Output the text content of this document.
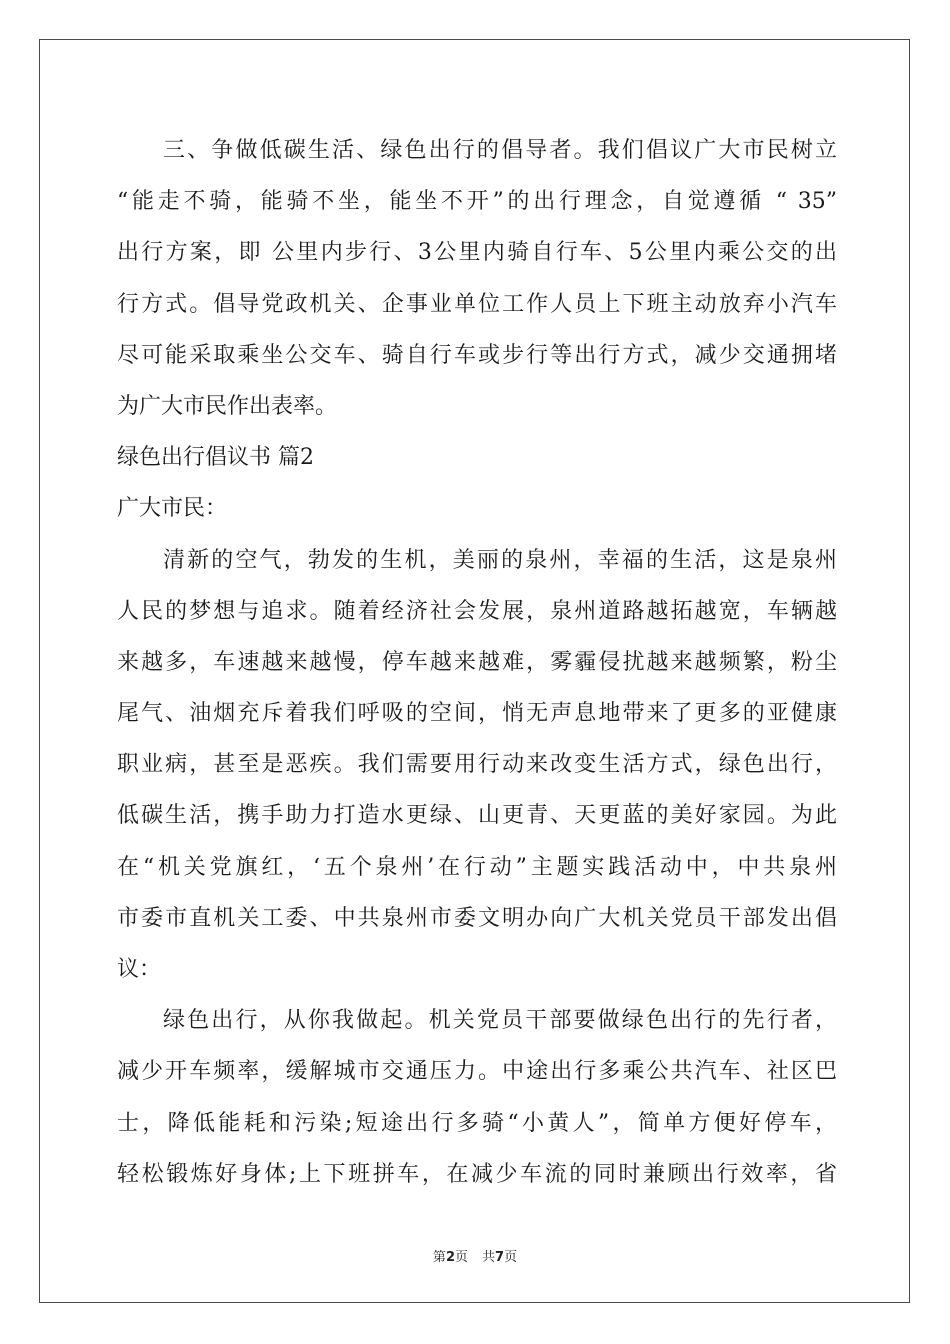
三、争做低碳生活、绿色出行的倡导者。我们倡议广大市民树立
“能走不骑，能骑不坐，能坐不开”的出行理念，自觉遵循 “ 35”
出行方案，即 公里内步行、3公里内骑自行车、5公里内乘公交的出
行方式。倡导党政机关、企事业单位工作人员上下班主动放弃小汽车
尽可能采取乘坐公交车、骑自行车或步行等出行方式，减少交通拥堵
为广大市民作出表率。
绿色出行倡议书 篇2
广大市民：
清新的空气，勃发的生机，美丽的泉州，幸福的生活，这是泉州
人民的梦想与追求。随着经济社会发展，泉州道路越拓越宽，车辆越
来越多，车速越来越慢，停车越来越难，雾霾侵扰越来越频繁，粉尘
尾气、油烟充斥着我们呼吸的空间，悄无声息地带来了更多的亚健康
职业病，甚至是恶疾。我们需要用行动来改变生活方式，绿色出行，
低碳生活，携手助力打造水更绿、山更青、天更蓝的美好家园。为此
在“机关党旗红，‘五个泉州’在行动”主题实践活动中，中共泉州
市委市直机关工委、中共泉州市委文明办向广大机关党员干部发出倡
议：
绿色出行，从你我做起。机关党员干部要做绿色出行的先行者，
减少开车频率，缓解城市交通压力。中途出行多乘公共汽车、社区巴
士，降低能耗和污染;短途出行多骑“小黄人”，简单方便好停车，
轻松锻炼好身体;上下班拼车，在减少车流的同时兼顾出行效率，省
第2页 共7页
